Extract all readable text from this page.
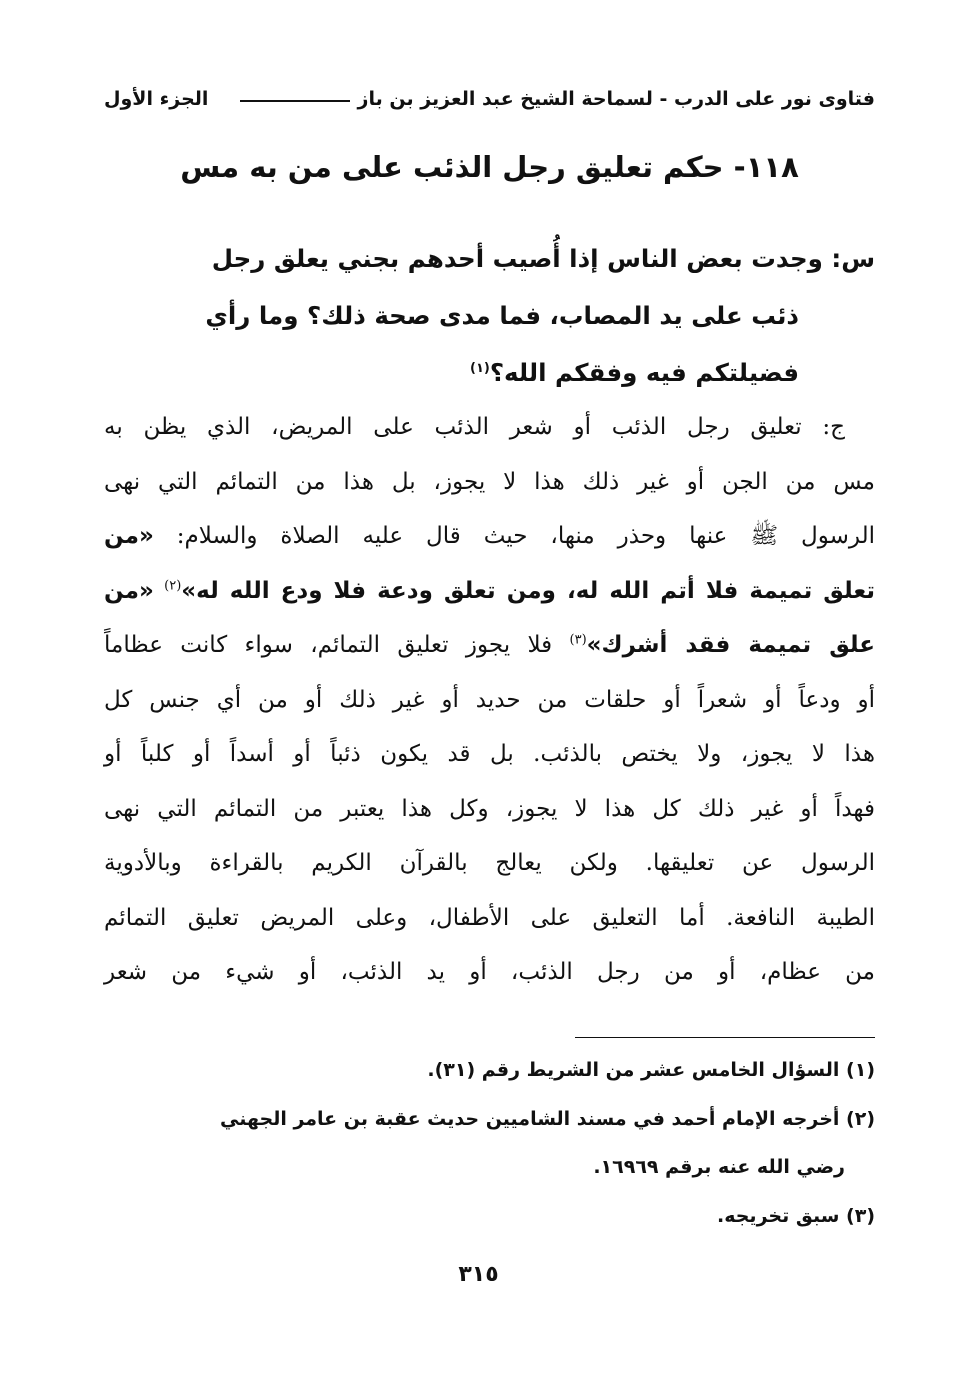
فتاوى نور على الدرب - لسماحة الشيخ عبد العزيز بن باز
الجزء الأول
١١٨- حكم تعليق رجل الذئب على من به مس
س: وجدت بعض الناس إذا أُصيب أحدهم بجني يعلق رجل
ذئب على يد المصاب، فما مدى صحة ذلك؟ وما رأي
فضيلتكم فيه وفقكم الله؟$^{(١)}$
ج: تعليق رجل الذئب أو شعر الذئب على المريض، الذي يظن به
مس من الجن أو غير ذلك هذا لا يجوز، بل هذا من التمائم التي نهى
الرسول ﷺ عنها وحذر منها، حيث قال عليه الصلاة والسلام: «من
تعلق تميمة فلا أتم الله له، ومن تعلق ودعة فلا ودع الله له»$^{(٢)}$ «من
علق تميمة فقد أشرك»$^{(٣)}$ فلا يجوز تعليق التمائم، سواء كانت عظاماً
أو ودعاً أو شعراً أو حلقات من حديد أو غير ذلك أو من أي جنس كل
هذا لا يجوز، ولا يختص بالذئب. بل قد يكون ذئباً أو أسداً أو كلباً أو
فهداً أو غير ذلك كل هذا لا يجوز، وكل هذا يعتبر من التمائم التي نهى
الرسول عن تعليقها. ولكن يعالج بالقرآن الكريم بالقراءة وبالأدوية
الطيبة النافعة. أما التعليق على الأطفال، وعلى المريض تعليق التمائم
من عظام، أو من رجل الذئب، أو يد الذئب، أو شيء من شعر
(١) السؤال الخامس عشر من الشريط رقم (٣١).
(٢) أخرجه الإمام أحمد في مسند الشاميين حديث عقبة بن عامر الجهني
رضي الله عنه برقم ١٦٩٦٩.
(٣) سبق تخريجه.
٣١٥
